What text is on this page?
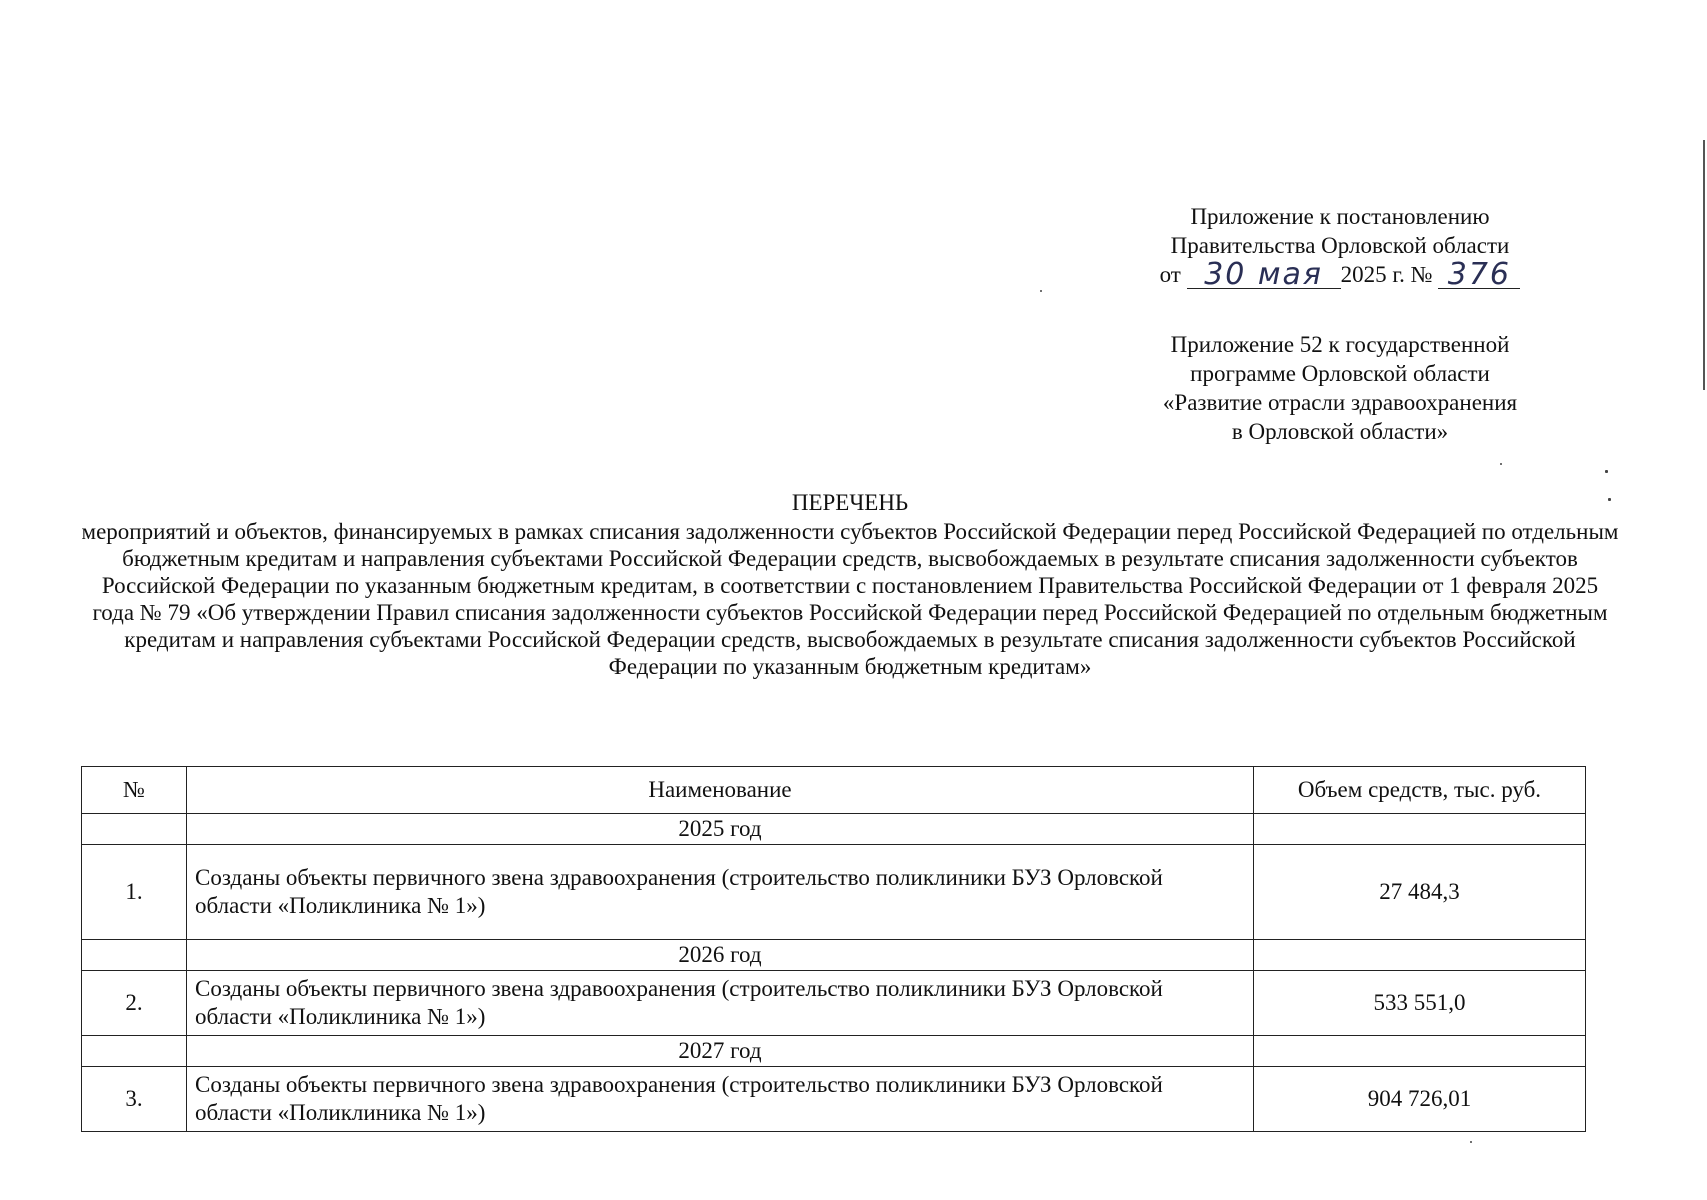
Приложение к постановлению

Правительства Орловской области

от 30 мая 2025 г. № 376

Приложение 52 к государственной

программе Орловской области

«Развитие отрасли здравоохранения

в Орловской области»

ПЕРЕЧЕНЬ

мероприятий и объектов, финансируемых в рамках списания задолженности субъектов Российской Федерации перед Российской Федерацией по отдельным бюджетным кредитам и направления субъектами Российской Федерации средств, высвобождаемых в результате списания задолженности субъектов Российской Федерации по указанным бюджетным кредитам, в соответствии с постановлением Правительства Российской Федерации от 1 февраля 2025 года № 79 «Об утверждении Правил списания задолженности субъектов Российской Федерации перед Российской Федерацией по отдельным бюджетным кредитам и направления субъектами Российской Федерации средств, высвобождаемых в результате списания задолженности субъектов Российской Федерации по указанным бюджетным кредитам»

№	Наименование	Объем средств, тыс. руб.
	2025 год	
1.	Созданы объекты первичного звена здравоохранения (строительство поликлиники БУЗ Орловской области «Поликлиника № 1»)	27 484,3
	2026 год	
2.	Созданы объекты первичного звена здравоохранения (строительство поликлиники БУЗ Орловской области «Поликлиника № 1»)	533 551,0
	2027 год	
3.	Созданы объекты первичного звена здравоохранения (строительство поликлиники БУЗ Орловской области «Поликлиника № 1»)	904 726,01
